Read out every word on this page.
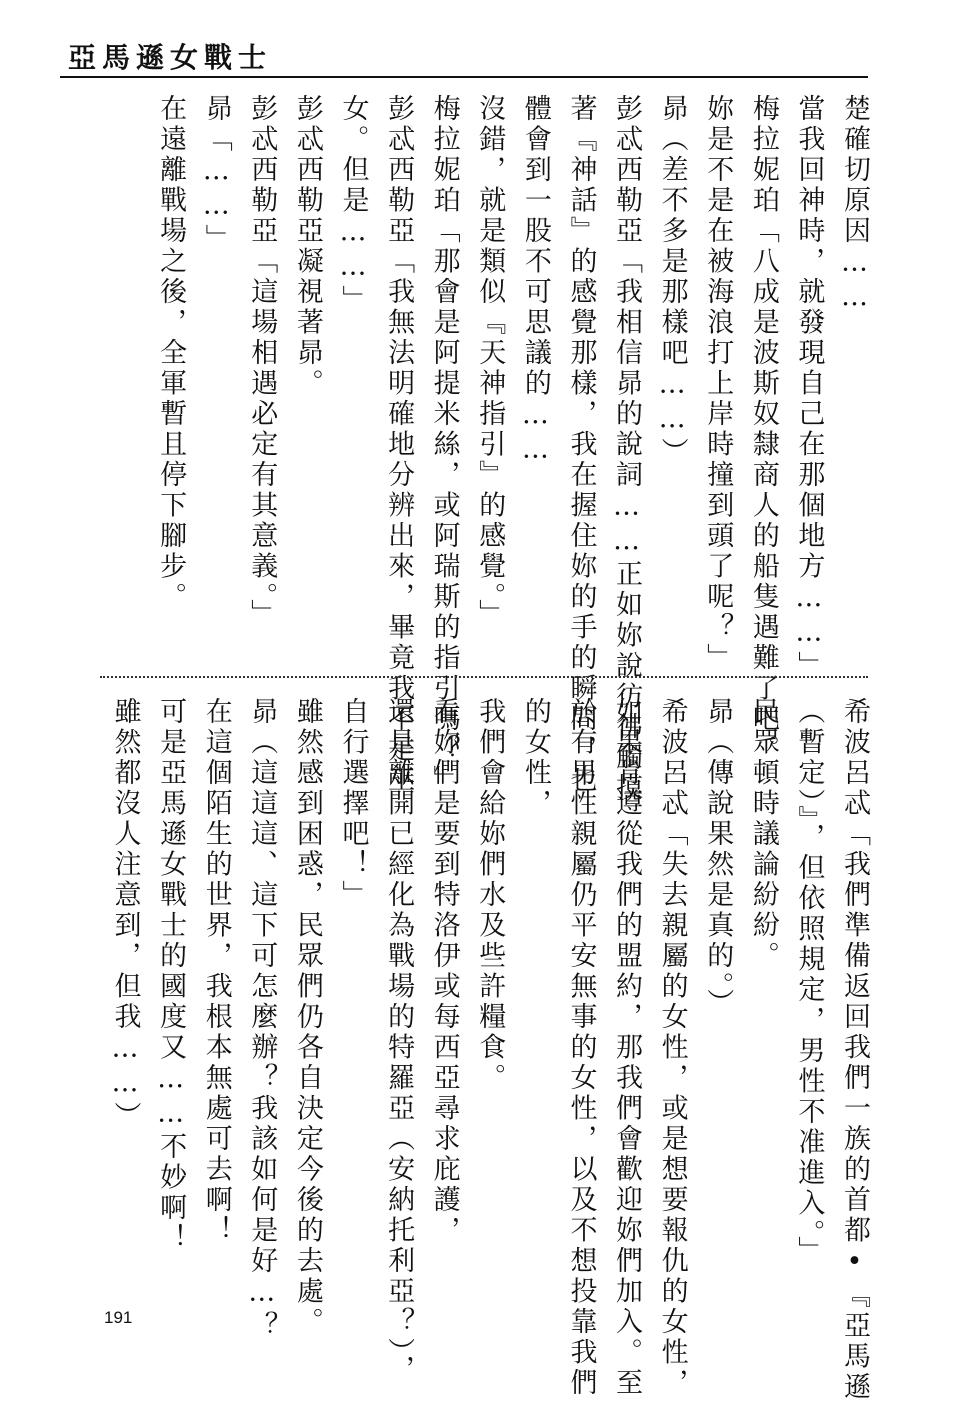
亞馬遜女戰士

楚確切原因……
當我回神時，就發現自己在那個地方……」
梅拉妮珀「八成是波斯奴隸商人的船隻遇難了吧。
妳是不是在被海浪打上岸時撞到頭了呢？」
昴（差不多是那樣吧……）
彭忒西勒亞「我相信昴的說詞……正如妳說彷彿觸摸
著『神話』的感覺那樣，我在握住妳的手的瞬間，也
體會到一股不可思議的……
沒錯，就是類似『天神指引』的感覺。」
梅拉妮珀「那會是阿提米絲，或阿瑞斯的指引嗎？」
彭忒西勒亞「我無法明確地分辨出來，畢竟我不是巫
女。但是……」
彭忒西勒亞凝視著昴。
彭忒西勒亞「這場相遇必定有其意義。」
昴「……」
在遠離戰場之後，全軍暫且停下腳步。

希波呂忒「我們準備返回我們一族的首都•『亞馬遜
（暫定）』，但依照規定，男性不准進入。」
民眾頓時議論紛紛。
昴（傳說果然是真的。）
希波呂忒「失去親屬的女性，或是想要報仇的女性，
如果肯遵從我們的盟約，那我們會歡迎妳們加入。至
於有男性親屬仍平安無事的女性，以及不想投靠我們
的女性，
我們會給妳們水及些許糧食。
看妳們是要到特洛伊或每西亞尋求庇護，
還是離開已經化為戰場的特羅亞（安納托利亞？），
自行選擇吧！」
雖然感到困惑，民眾們仍各自決定今後的去處。
昴（這這這、這下可怎麼辦？我該如何是好…？
在這個陌生的世界，我根本無處可去啊！
可是亞馬遜女戰士的國度又……不妙啊！
雖然都沒人注意到，但我……）

191
